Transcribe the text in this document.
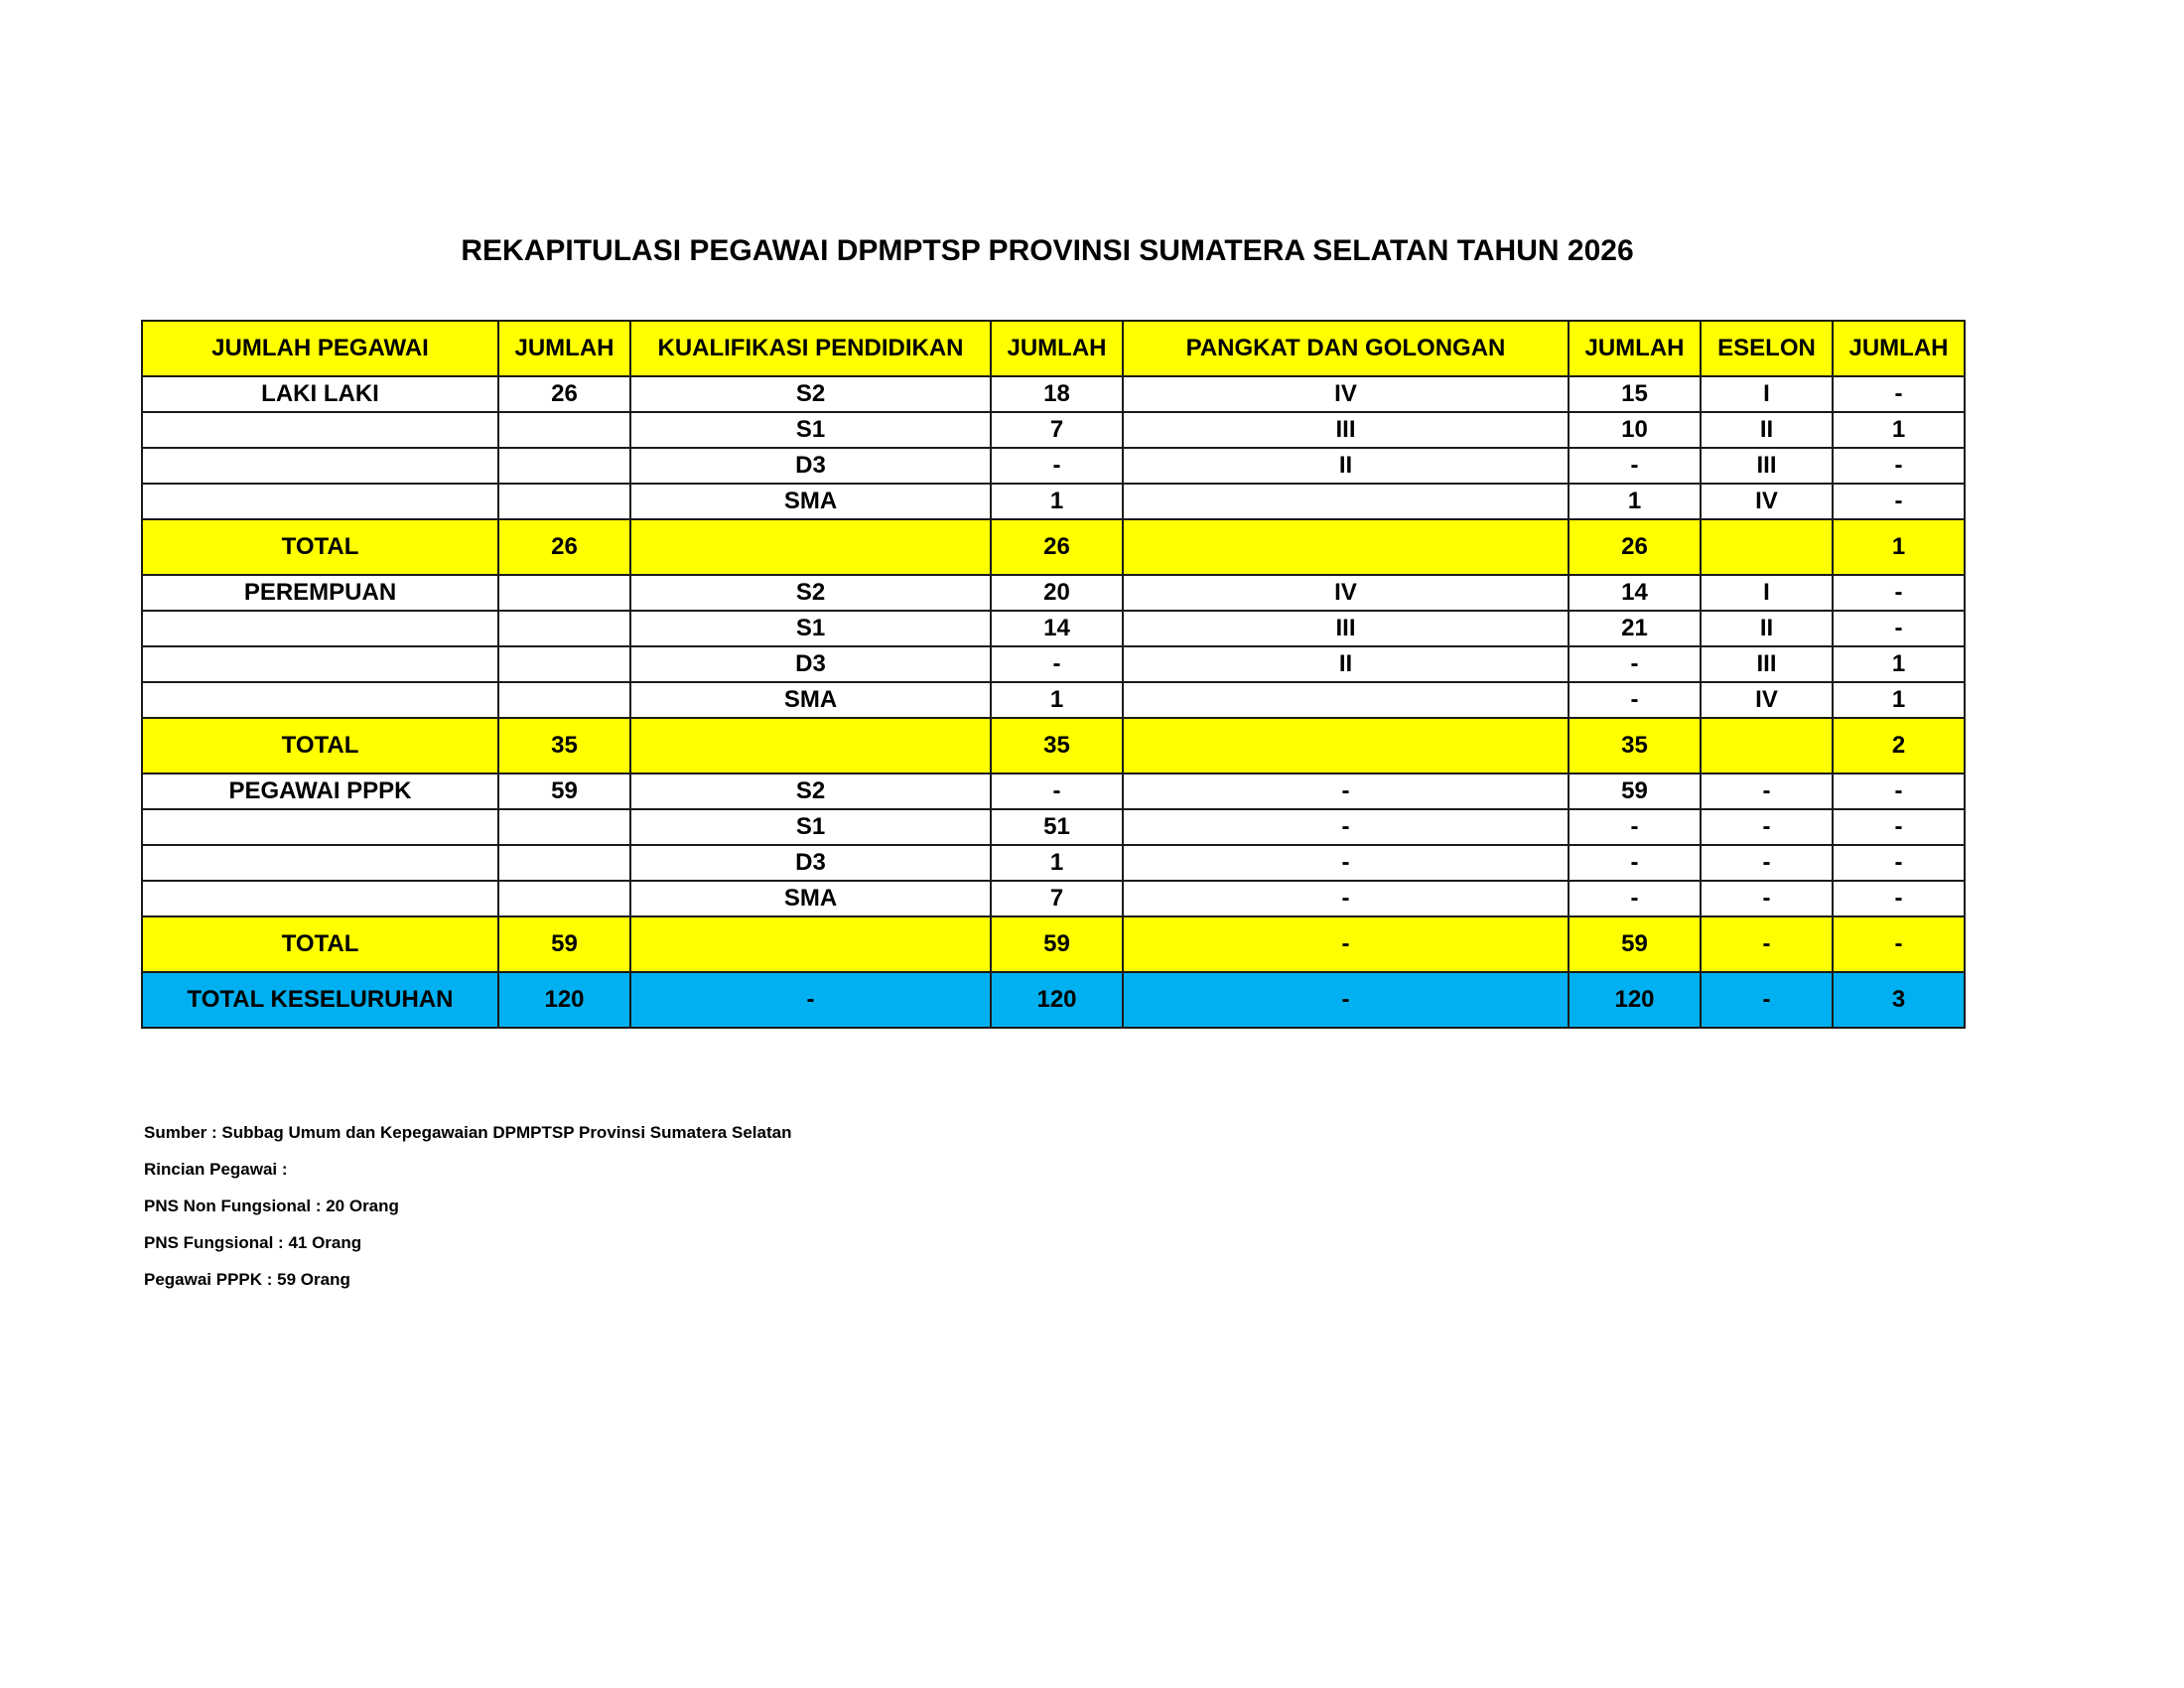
REKAPITULASI PEGAWAI DPMPTSP PROVINSI SUMATERA SELATAN TAHUN 2026
JUMLAH PEGAWAI	JUMLAH	KUALIFIKASI PENDIDIKAN	JUMLAH	PANGKAT DAN GOLONGAN	JUMLAH	ESELON	JUMLAH
LAKI LAKI	26	S2	18	IV	15	I	-
		S1	7	III	10	II	1
		D3	-	II	-	III	-
		SMA	1		1	IV	-
TOTAL	26		26		26		1
PEREMPUAN		S2	20	IV	14	I	-
		S1	14	III	21	II	-
		D3	-	II	-	III	1
		SMA	1		-	IV	1
TOTAL	35		35		35		2
PEGAWAI PPPK	59	S2	-	-	59	-	-
		S1	51	-	-	-	-
		D3	1	-	-	-	-
		SMA	7	-	-	-	-
TOTAL	59		59	-	59	-	-
TOTAL KESELURUHAN	120	-	120	-	120	-	3
Sumber : Subbag Umum dan Kepegawaian DPMPTSP Provinsi Sumatera Selatan
Rincian Pegawai :
PNS Non Fungsional : 20 Orang
PNS Fungsional : 41 Orang
Pegawai PPPK : 59 Orang
